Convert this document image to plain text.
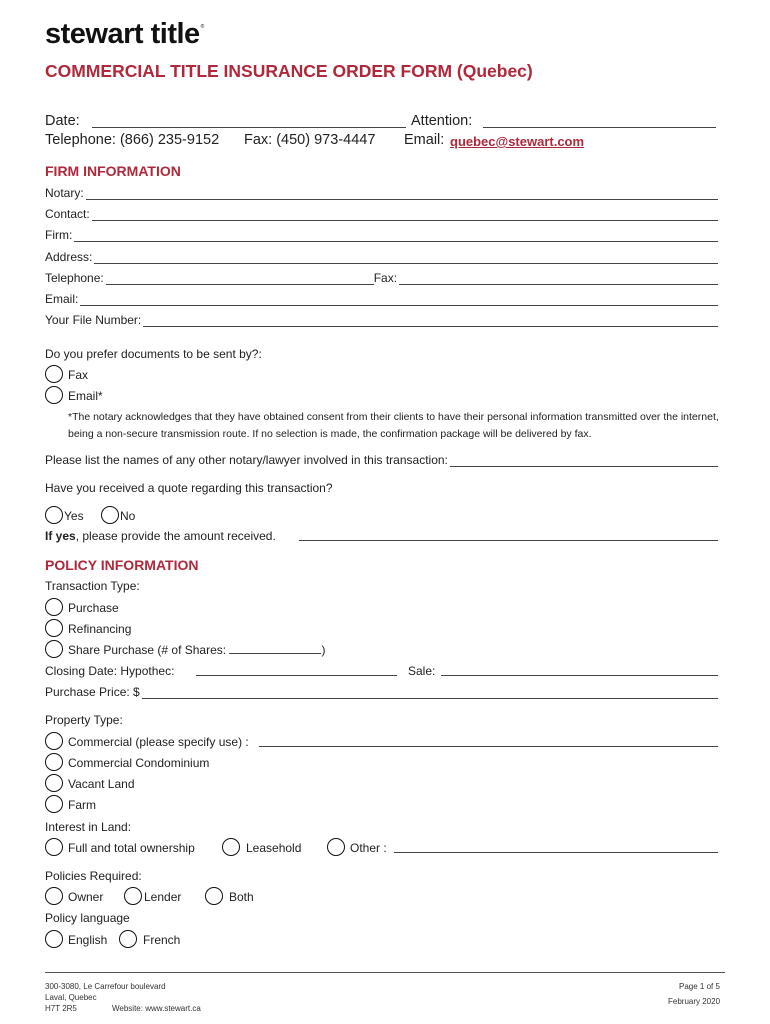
stewart title®
COMMERCIAL TITLE INSURANCE ORDER FORM (Quebec)
Date:	Attention:
Telephone: (866) 235-9152 Fax: (450) 973-4447 Email: quebec@stewart.com
FIRM INFORMATION
Notary:
Contact:
Firm:
Address:
Telephone:	Fax:
Email:
Your File Number:
Do you prefer documents to be sent by?:
Fax
Email*
*The notary acknowledges that they have obtained consent from their clients to have their personal information transmitted over the internet, being a non-secure transmission route. If no selection is made, the confirmation package will be delivered by fax.
Please list the names of any other notary/lawyer involved in this transaction:
Have you received a quote regarding this transaction?
Yes	No
If yes, please provide the amount received.
POLICY INFORMATION
Transaction Type:
Purchase
Refinancing
Share Purchase (# of Shares:	)
Closing Date: Hypothec:	Sale:
Purchase Price: $
Property Type:
Commercial (please specify use) :
Commercial Condominium
Vacant Land
Farm
Interest in Land:
Full and total ownership	Leasehold	Other :
Policies Required:
Owner	Lender	Both
Policy language
English	French
300-3080, Le Carrefour boulevard
Laval, Quebec
H7T 2R5	Website: www.stewart.ca
Page 1 of 5
February 2020
